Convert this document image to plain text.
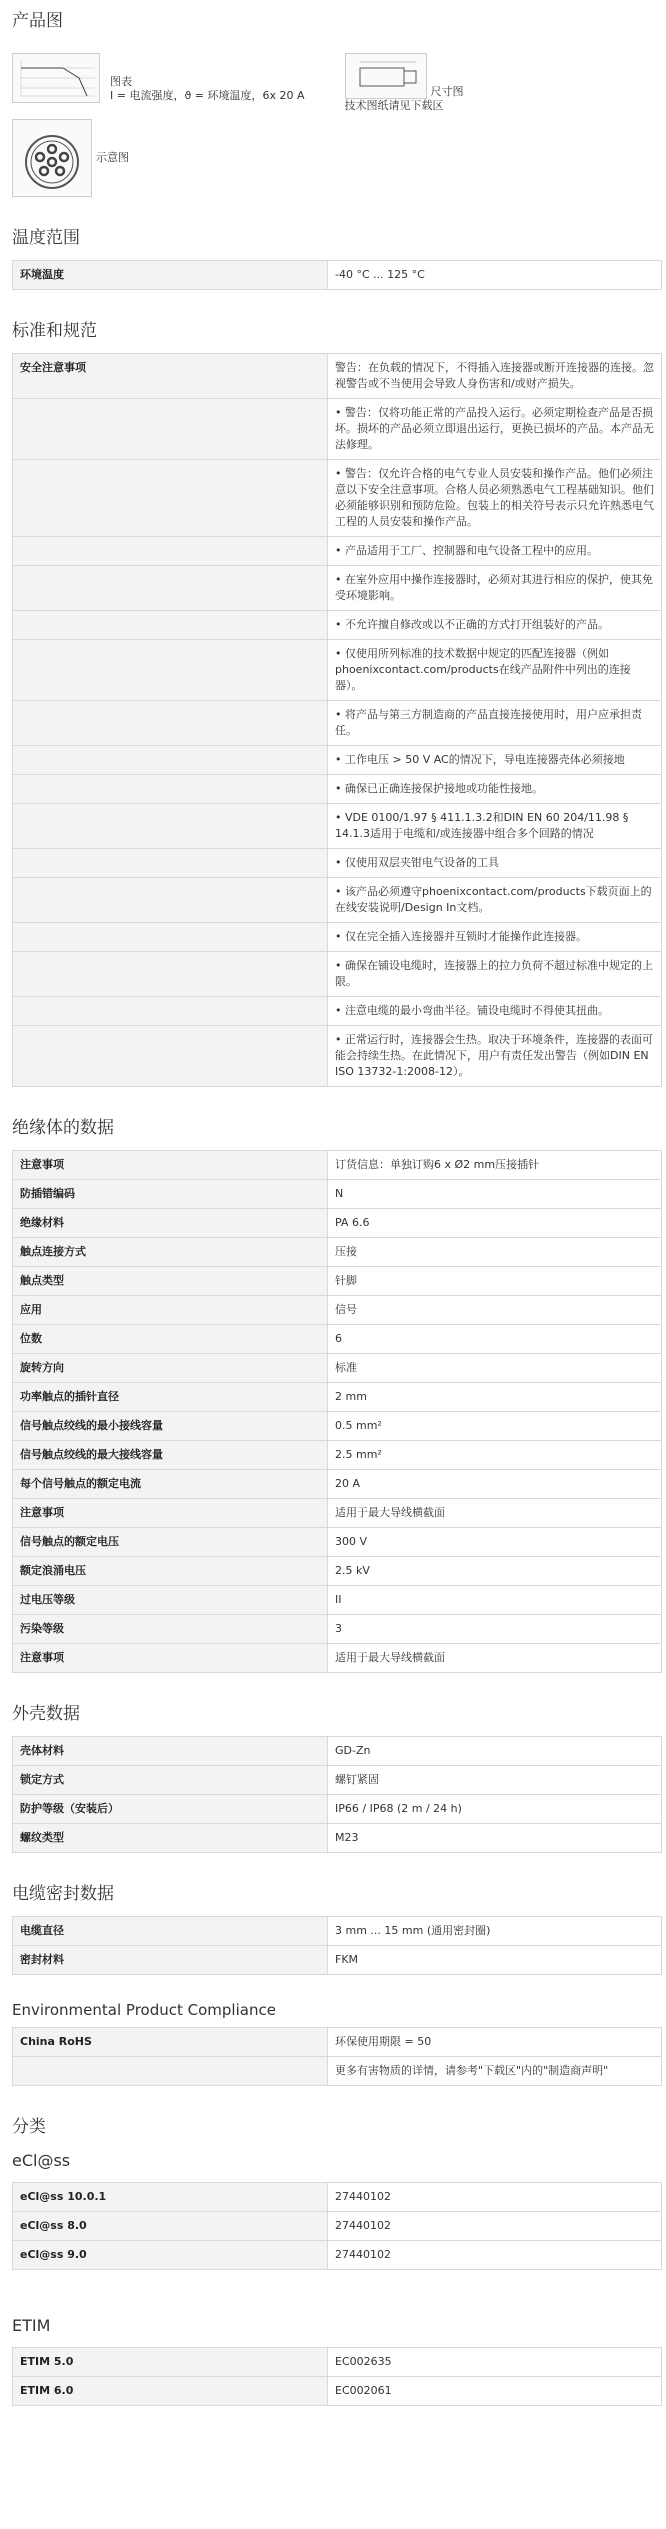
产品图
图表
I = 电流强度，ϑ = 环境温度，6x 20 A	尺寸图
技术图纸请见下载区
示意图
温度范围
环境温度	-40 °C ... 125 °C
标准和规范
安全注意事项	警告：在负载的情况下，不得插入连接器或断开连接器的连接。忽视警告或不当使用会导致人身伤害和/或财产损失。
	• 警告：仅将功能正常的产品投入运行。必须定期检查产品是否损坏。损坏的产品必须立即退出运行，更换已损坏的产品。本产品无法修理。
	• 警告：仅允许合格的电气专业人员安装和操作产品。他们必须注意以下安全注意事项。合格人员必须熟悉电气工程基础知识。他们必须能够识别和预防危险。包装上的相关符号表示只允许熟悉电气工程的人员安装和操作产品。
	• 产品适用于工厂、控制器和电气设备工程中的应用。
	• 在室外应用中操作连接器时，必须对其进行相应的保护，使其免受环境影响。
	• 不允许擅自修改或以不正确的方式打开组装好的产品。
	• 仅使用所列标准的技术数据中规定的匹配连接器（例如phoenixcontact.com/products在线产品附件中列出的连接器）。
	• 将产品与第三方制造商的产品直接连接使用时，用户应承担责任。
	• 工作电压 > 50 V AC的情况下，导电连接器壳体必须接地
	• 确保已正确连接保护接地或功能性接地。
	• VDE 0100/1.97 § 411.1.3.2和DIN EN 60 204/11.98 § 14.1.3适用于电缆和/或连接器中组合多个回路的情况
	• 仅使用双层夹钳电气设备的工具
	• 该产品必须遵守phoenixcontact.com/products下载页面上的在线安装说明/Design In文档。
	• 仅在完全插入连接器并互锁时才能操作此连接器。
	• 确保在铺设电缆时，连接器上的拉力负荷不超过标准中规定的上限。
	• 注意电缆的最小弯曲半径。铺设电缆时不得使其扭曲。
	• 正常运行时，连接器会生热。取决于环境条件，连接器的表面可能会持续生热。在此情况下，用户有责任发出警告（例如DIN EN ISO 13732-1:2008-12）。
绝缘体的数据
注意事项	订货信息：单独订购6 x Ø2 mm压接插针
防插错编码	N
绝缘材料	PA 6.6
触点连接方式	压接
触点类型	针脚
应用	信号
位数	6
旋转方向	标准
功率触点的插针直径	2 mm
信号触点绞线的最小接线容量	0.5 mm²
信号触点绞线的最大接线容量	2.5 mm²
每个信号触点的额定电流	20 A
注意事项	适用于最大导线横截面
信号触点的额定电压	300 V
额定浪涌电压	2.5 kV
过电压等级	II
污染等级	3
注意事项	适用于最大导线横截面
外壳数据
壳体材料	GD-Zn
锁定方式	螺钉紧固
防护等级（安装后）	IP66 / IP68 (2 m / 24 h)
螺纹类型	M23
电缆密封数据
电缆直径	3 mm ... 15 mm (通用密封圈)
密封材料	FKM
Environmental Product Compliance
China RoHS	环保使用期限 = 50
	更多有害物质的详情，请参考"下载区"内的"制造商声明"
分类
eCl@ss
eCl@ss 10.0.1	27440102
eCl@ss 8.0	27440102
eCl@ss 9.0	27440102
ETIM
ETIM 5.0	EC002635
ETIM 6.0	EC002061
